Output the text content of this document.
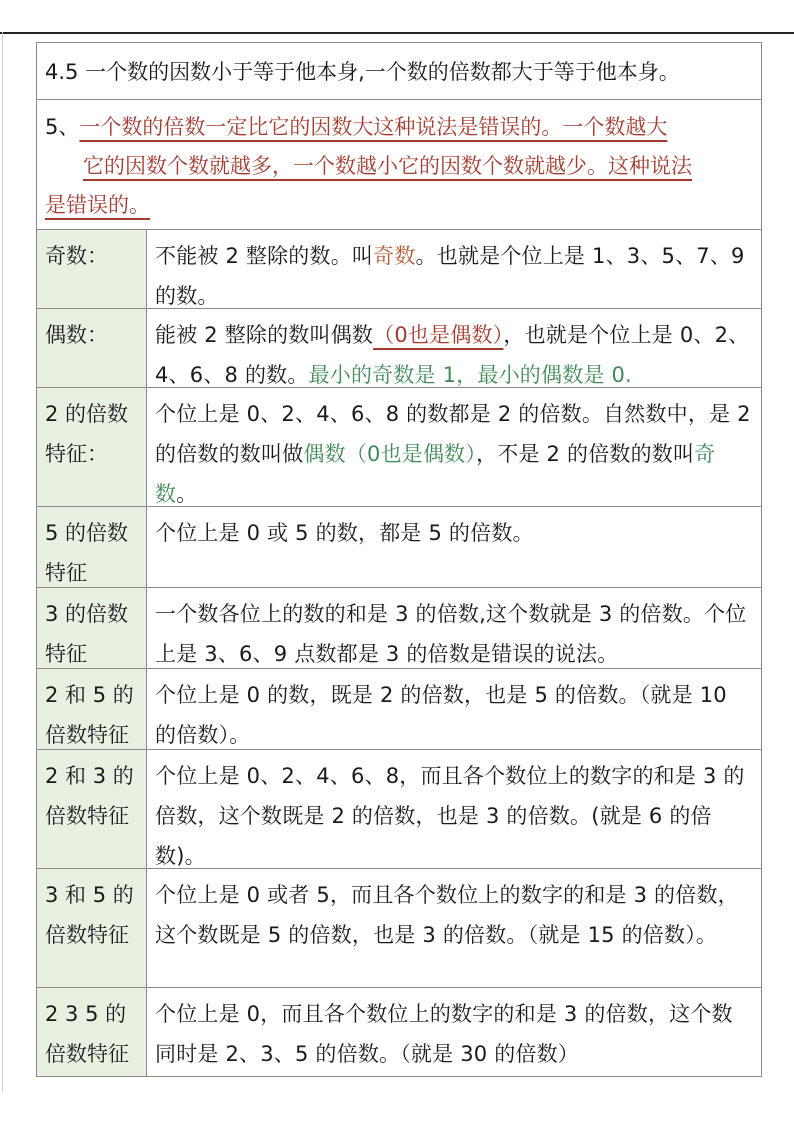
4.5 一个数的因数小于等于他本身,一个数的倍数都大于等于他本身。
5、一个数的倍数一定比它的因数大这种说法是错误的。一个数越大
它的因数个数就越多，一个数越小它的因数个数就越少。这种说法
是错误的。
奇数：	不能被 2 整除的数。叫奇数。也就是个位上是 1、3、5、7、9的数。
偶数：	能被 2 整除的数叫偶数（0也是偶数），也就是个位上是 0、2、4、6、8 的数。最小的奇数是 1，最小的偶数是 0.
2 的倍数特征：
个位上是 0、2、4、6、8 的数都是 2 的倍数。自然数中，是 2 的倍数的数叫做偶数（0也是偶数），不是 2 的倍数的数叫奇数。
5 的倍数特征
个位上是 0 或 5 的数，都是 5 的倍数。
3 的倍数特征
一个数各位上的数的和是 3 的倍数,这个数就是 3 的倍数。个位上是 3、6、9 点数都是 3 的倍数是错误的说法。
2 和 5 的倍数特征
个位上是 0 的数，既是 2 的倍数，也是 5 的倍数。（就是 10 的倍数）。
2 和 3 的倍数特征
个位上是 0、2、4、6、8，而且各个数位上的数字的和是 3 的倍数，这个数既是 2 的倍数，也是 3 的倍数。(就是 6 的倍数)。
3 和 5 的倍数特征
个位上是 0 或者 5，而且各个数位上的数字的和是 3 的倍数，这个数既是 5 的倍数，也是 3 的倍数。（就是 15 的倍数）。
2 3 5 的倍数特征
个位上是 0，而且各个数位上的数字的和是 3 的倍数，这个数同时是 2、3、5 的倍数。（就是 30 的倍数）
